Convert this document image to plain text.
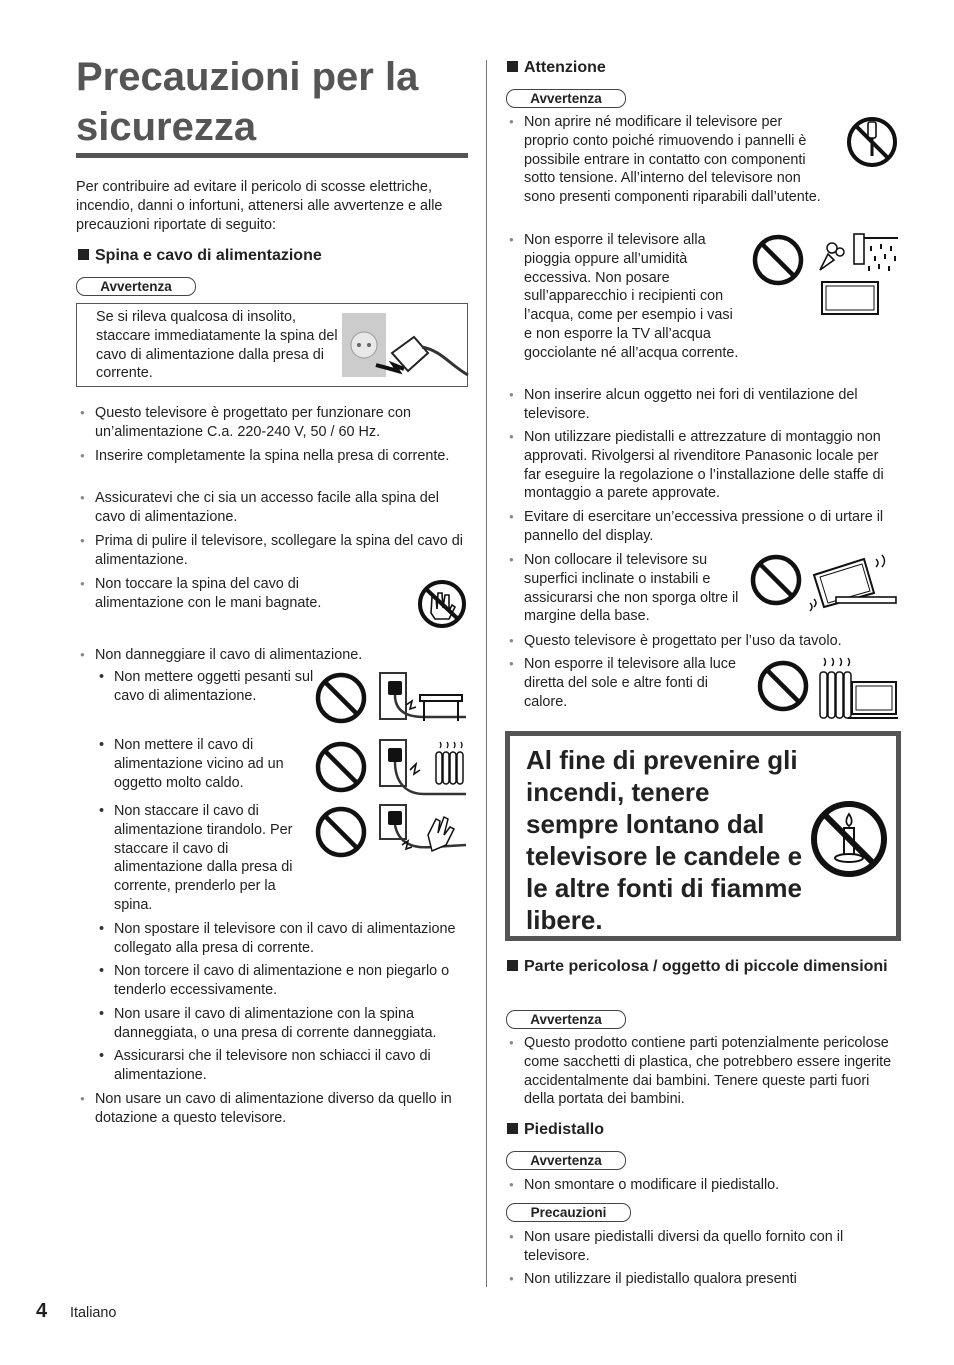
Precauzioni per la sicurezza

Per contribuire ad evitare il pericolo di scosse elettriche, incendio, danni o infortuni, attenersi alle avvertenze e alle precauzioni riportate di seguito:

Spina e cavo di alimentazione
Avvertenza

Se si rileva qualcosa di insolito, staccare immediatamente la spina del cavo di alimentazione dalla presa di corrente.

● Questo televisore è progettato per funzionare con un’alimentazione C.a. 220-240 V, 50 / 60 Hz.

● Inserire completamente la spina nella presa di corrente.

● Assicuratevi che ci sia un accesso facile alla spina del cavo di alimentazione.

● Prima di pulire il televisore, scollegare la spina del cavo di alimentazione.

● Non toccare la spina del cavo di alimentazione con le mani bagnate.

● Non danneggiare il cavo di alimentazione.

• Non mettere oggetti pesanti sul cavo di alimentazione.

• Non mettere il cavo di alimentazione vicino ad un oggetto molto caldo.

• Non staccare il cavo di alimentazione tirandolo. Per staccare il cavo di alimentazione dalla presa di corrente, prenderlo per la spina.

• Non spostare il televisore con il cavo di alimentazione collegato alla presa di corrente.

• Non torcere il cavo di alimentazione e non piegarlo o tenderlo eccessivamente.

• Non usare il cavo di alimentazione con la spina danneggiata, o una presa di corrente danneggiata.

• Assicurarsi che il televisore non schiacci il cavo di alimentazione.

● Non usare un cavo di alimentazione diverso da quello in dotazione a questo televisore.

Attenzione
Avvertenza

● Non aprire né modificare il televisore per proprio conto poiché rimuovendo i pannelli è possibile entrare in contatto con componenti sotto tensione. All’interno del televisore non sono presenti componenti riparabili dall’utente.

● Non esporre il televisore alla pioggia oppure all’umidità eccessiva. Non posare sull’apparecchio i recipienti con l’acqua, come per esempio i vasi e non esporre la TV all’acqua gocciolante né all’acqua corrente.

● Non inserire alcun oggetto nei fori di ventilazione del televisore.

● Non utilizzare piedistalli e attrezzature di montaggio non approvati. Rivolgersi al rivenditore Panasonic locale per far eseguire la regolazione o l’installazione delle staffe di montaggio a parete approvate.

● Evitare di esercitare un’eccessiva pressione o di urtare il pannello del display.

● Non collocare il televisore su superfici inclinate o instabili e assicurarsi che non sporga oltre il margine della base.

● Questo televisore è progettato per l’uso da tavolo.

● Non esporre il televisore alla luce diretta del sole e altre fonti di calore.

Al fine di prevenire gli incendi, tenere sempre lontano dal televisore le candele e le altre fonti di fiamme libere.

Parte pericolosa / oggetto di piccole dimensioni
Avvertenza

● Questo prodotto contiene parti potenzialmente pericolose come sacchetti di plastica, che potrebbero essere ingerite accidentalmente dai bambini. Tenere queste parti fuori della portata dei bambini.

Piedistallo
Avvertenza

● Non smontare o modificare il piedistallo.

Precauzioni

● Non usare piedistalli diversi da quello fornito con il televisore.

● Non utilizzare il piedistallo qualora presenti

4 Italiano
